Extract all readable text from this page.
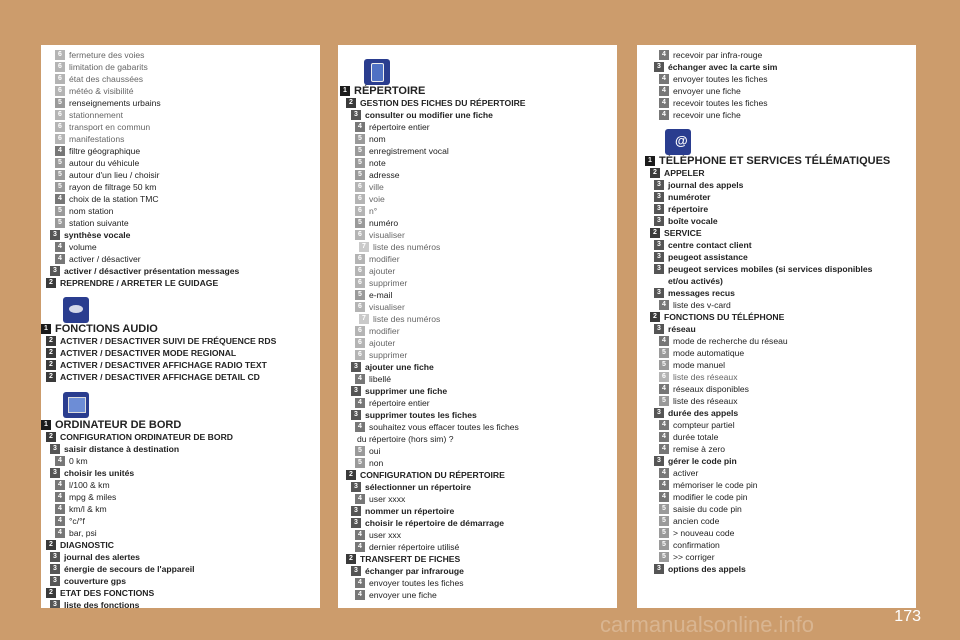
6 fermeture des voies
6 limitation de gabarits
6 état des chaussées
6 météo & visibilité
5 renseignements urbains
6 stationnement
6 transport en commun
6 manifestations
4 filtre géographique
5 autour du véhicule
5 autour d'un lieu / choisir
5 rayon de filtrage 50 km
4 choix de la station TMC
5 nom station
5 station suivante
3 synthèse vocale
4 volume
4 activer / désactiver
3 activer / désactiver présentation messages
2 REPRENDRE / ARRETER LE GUIDAGE
1 FONCTIONS AUDIO
2 ACTIVER / DESACTIVER SUIVI DE FRÉQUENCE RDS
2 ACTIVER / DESACTIVER MODE REGIONAL
2 ACTIVER / DESACTIVER AFFICHAGE RADIO TEXT
2 ACTIVER / DESACTIVER AFFICHAGE DETAIL CD
1 ORDINATEUR DE BORD
2 CONFIGURATION ORDINATEUR DE BORD
3 saisir distance à destination
4 0 km
3 choisir les unités
4 l/100 & km
4 mpg & miles
4 km/l & km
4 °c/°f
4 bar, psi
2 DIAGNOSTIC
3 journal des alertes
3 énergie de secours de l'appareil
3 couverture gps
2 ETAT DES FONCTIONS
3 liste des fonctions
1 RÉPERTOIRE
2 GESTION DES FICHES DU RÉPERTOIRE
3 consulter ou modifier une fiche
4 répertoire entier
5 nom
5 enregistrement vocal
5 note
5 adresse
6 ville
6 voie
6 n°
5 numéro
6 visualiser
7 liste des numéros
6 modifier
6 ajouter
6 supprimer
5 e-mail
6 visualiser
7 liste des numéros
6 modifier
6 ajouter
6 supprimer
3 ajouter une fiche
4 libellé
3 supprimer une fiche
4 répertoire entier
3 supprimer toutes les fiches
4 souhaitez vous effacer toutes les fiches
du répertoire (hors sim) ?
5 oui
5 non
2 CONFIGURATION DU RÉPERTOIRE
3 sélectionner un répertoire
4 user xxxx
3 nommer un répertoire
3 choisir le répertoire de démarrage
4 user xxx
4 dernier répertoire utilisé
2 TRANSFERT DE FICHES
3 échanger par infrarouge
4 envoyer toutes les fiches
4 envoyer une fiche
4 recevoir par infra-rouge
3 échanger avec la carte sim
4 envoyer toutes les fiches
4 envoyer une fiche
4 recevoir toutes les fiches
4 recevoir une fiche
1 TÉLÉPHONE ET SERVICES TÉLÉMATIQUES
2 APPELER
3 journal des appels
3 numéroter
3 répertoire
3 boîte vocale
2 SERVICE
3 centre contact client
3 peugeot assistance
3 peugeot services mobiles (si services disponibles
et/ou activés)
3 messages recus
4 liste des v-card
2 FONCTIONS DU TÉLÉPHONE
3 réseau
4 mode de recherche du réseau
5 mode automatique
5 mode manuel
6 liste des réseaux
4 réseaux disponibles
5 liste des réseaux
3 durée des appels
4 compteur partiel
4 durée totale
4 remise à zero
3 gérer le code pin
4 activer
4 mémoriser le code pin
4 modifier le code pin
5 saisie du code pin
5 ancien code
5 > nouveau code
5 confirmation
5 >> corriger
3 options des appels
@
173
carmanualsonline.info
